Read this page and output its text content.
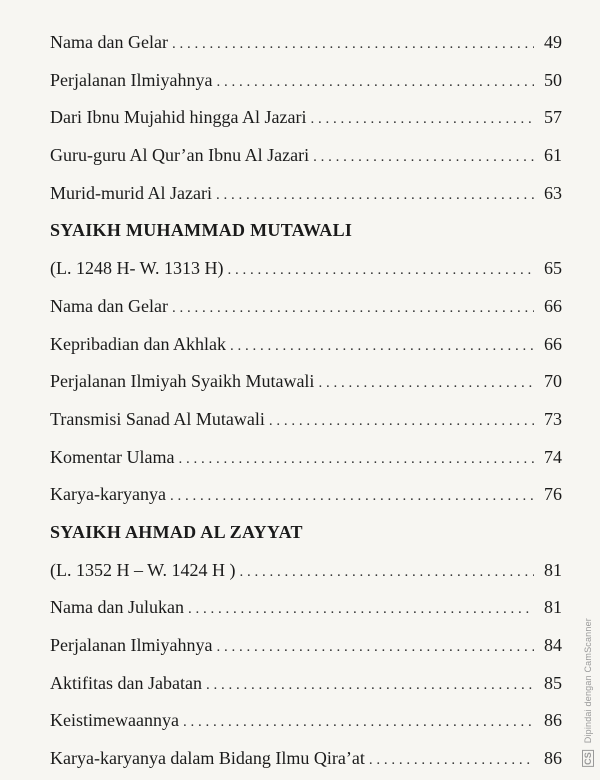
Nama dan Gelar . . .	49
Perjalanan Ilmiyahnya . . .	50
Dari Ibnu Mujahid hingga Al Jazari . . .	57
Guru-guru Al Qur’an Ibnu Al Jazari . . .	61
Murid-murid Al Jazari . . .	63
SYAIKH MUHAMMAD MUTAWALI
(L. 1248 H- W. 1313 H) . . .	65
Nama dan Gelar . . .	66
Kepribadian dan Akhlak . . .	66
Perjalanan Ilmiyah Syaikh Mutawali . . .	70
Transmisi Sanad Al Mutawali . . .	73
Komentar Ulama . . .	74
Karya-karyanya . . .	76
SYAIKH AHMAD AL ZAYYAT
(L. 1352 H – W. 1424 H ) . . .	81
Nama dan Julukan . . .	81
Perjalanan Ilmiyahnya . . .	84
Aktifitas dan Jabatan . . .	85
Keistimewaannya . . .	86
Karya-karyanya dalam Bidang Ilmu Qira’at . . .	86 CS Dipindai dengan CamScanner
